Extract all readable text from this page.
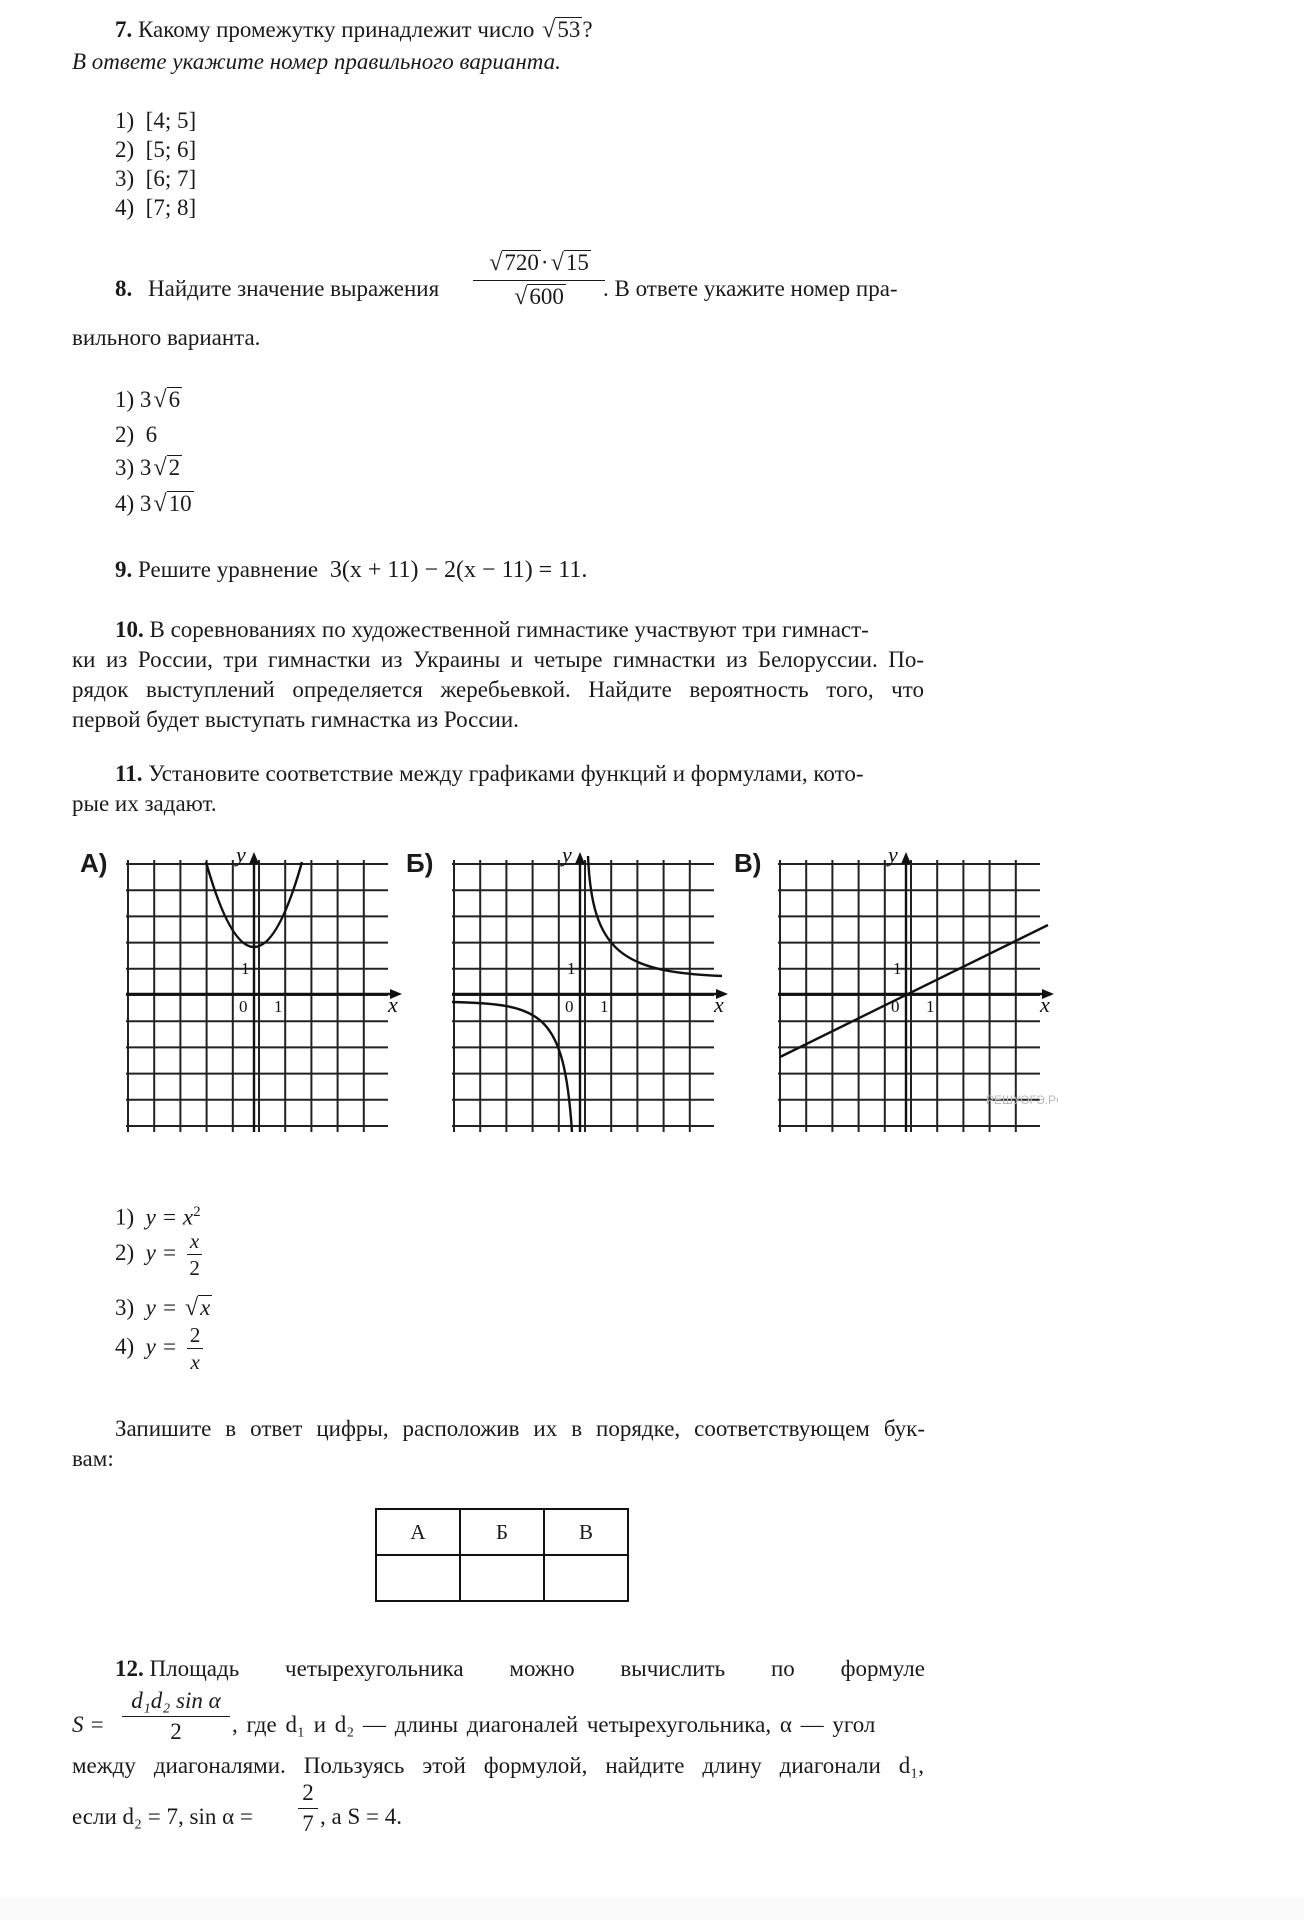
7. Какому промежутку принадлежит число √53?
В ответе укажите номер правильного варианта.
1) [4; 5]
2) [5; 6]
3) [6; 7]
4) [7; 8]
8. Найдите значение выражения $\frac{√720\cdot√15}{√600}$
. В ответе укажите номер пра-
вильного варианта.
1) 3√6
2) 6
3) 3√2
4) 3√10
9. Решите уравнение 3(x + 11) − 2(x − 11) = 11.
10. В соревнованиях по художественной гимнастике участвуют три гимнаст-
ки из России, три гимнастки из Украины и четыре гимнастки из Белоруссии. По-
рядок выступлений определяется жеребьевкой. Найдите вероятность того, что
первой будет выступать гимнастка из России.
11. Установите соответствие между графиками функций и формулами, кото-
рые их задают.
А)	Б)	В)
x
y
1
0 1	x
y
1
0 1	x
y
1
0 1
РЕШУОГЭ.РФ
1) $y = x^2$
2) $y = \frac{x}{2}$
3) y = √x
4) $y = \frac{2}{x}$
Запишите в ответ цифры, расположив их в порядке, соответствующем бук-
вам:
А	Б	В

12. Площадь четырехугольника можно вычислить по формуле
$S = \frac{\text{d₁d₂ sin α}}{2}$ , где d₁ и d₂ — длины диагоналей четырехугольника, α — угол
между диагоналями. Пользуясь этой формулой, найдите длину диагонали d₁,
если d₂ = 7, $\sin \alpha = \frac{2}{7}$ , а S = 4.
